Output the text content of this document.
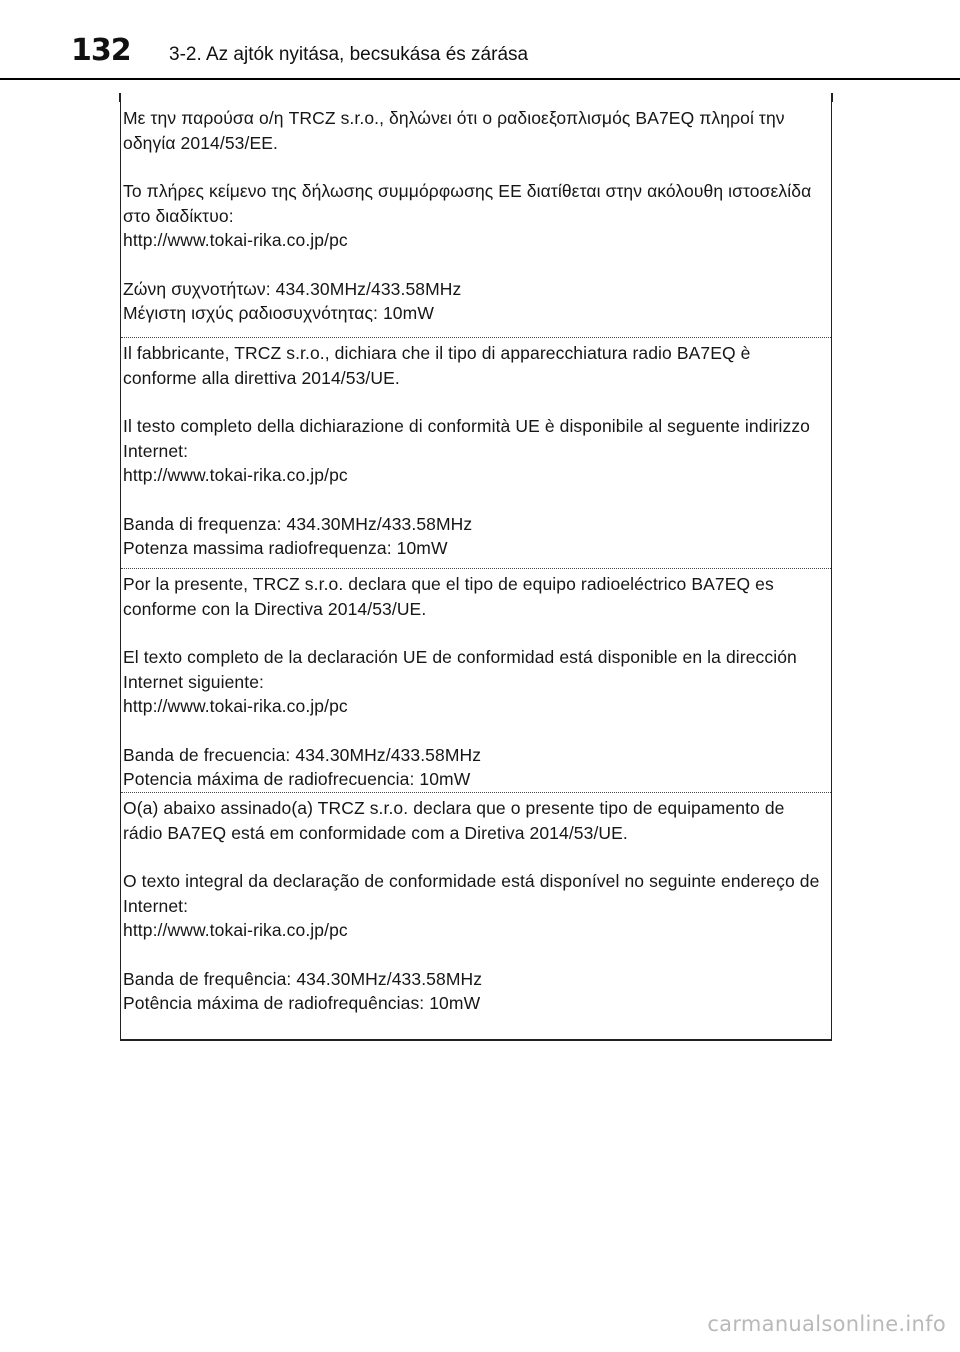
132 3-2. Az ajtók nyitása, becsukása és zárása

Με την παρούσα ο/η TRCZ s.r.o., δηλώνει ότι ο ραδιοεξοπλισμός BA7EQ πληροί την οδηγία 2014/53/ΕΕ.

Το πλήρες κείμενο της δήλωσης συμμόρφωσης ΕΕ διατίθεται στην ακόλουθη ιστοσελίδα στο διαδίκτυο:

http://www.tokai-rika.co.jp/pc

Ζώνη συχνοτήτων: 434.30MHz/433.58MHz

Μέγιστη ισχύς ραδιοσυχνότητας: 10mW

Il fabbricante, TRCZ s.r.o., dichiara che il tipo di apparecchiatura radio BA7EQ è conforme alla direttiva 2014/53/UE.

Il testo completo della dichiarazione di conformità UE è disponibile al seguente indirizzo Internet:

http://www.tokai-rika.co.jp/pc

Banda di frequenza: 434.30MHz/433.58MHz

Potenza massima radiofrequenza: 10mW

Por la presente, TRCZ s.r.o. declara que el tipo de equipo radioeléctrico BA7EQ es conforme con la Directiva 2014/53/UE.

El texto completo de la declaración UE de conformidad está disponible en la dirección Internet siguiente:

http://www.tokai-rika.co.jp/pc

Banda de frecuencia: 434.30MHz/433.58MHz

Potencia máxima de radiofrecuencia: 10mW

O(a) abaixo assinado(a) TRCZ s.r.o. declara que o presente tipo de equipamento de rádio BA7EQ está em conformidade com a Diretiva 2014/53/UE.

O texto integral da declaração de conformidade está disponível no seguinte endereço de Internet:

http://www.tokai-rika.co.jp/pc

Banda de frequência: 434.30MHz/433.58MHz

Potência máxima de radiofrequências: 10mW

carmanualsonline.info
